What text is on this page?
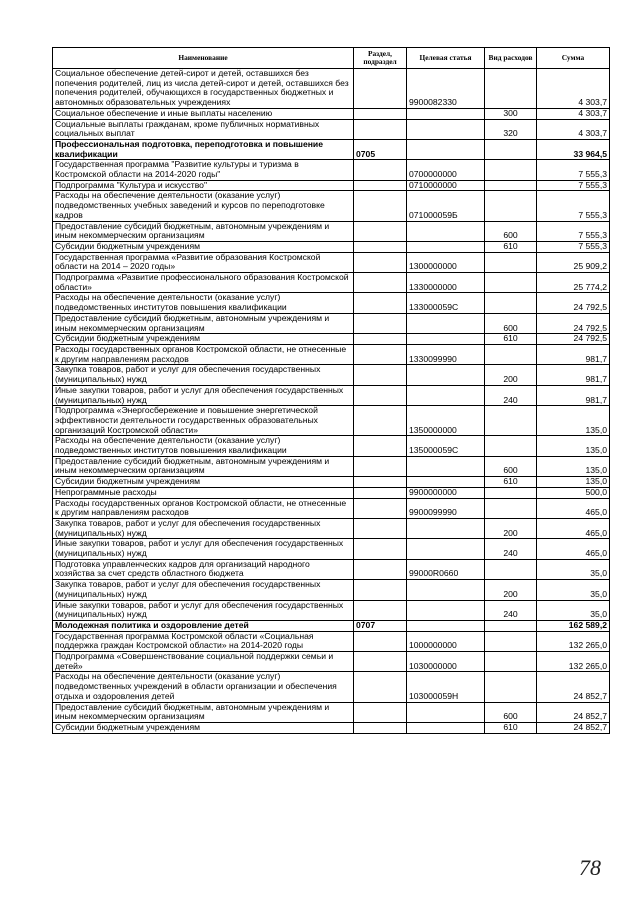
Наименование	Раздел, подраздел	Целевая статья	Вид расходов	Сумма
Социальное обеспечение детей-сирот и детей, оставшихся без попечения родителей, лиц из числа детей-сирот и детей, оставшихся без попечения родителей, обучающихся в государственных бюджетных и автономных образовательных учреждениях		9900082330		4 303,7
Социальное обеспечение и иные выплаты населению			300	4 303,7
Социальные выплаты гражданам, кроме публичных нормативных социальных выплат			320	4 303,7
Профессиональная подготовка, переподготовка и повышение квалификации	0705			33 964,5
Государственная программа "Развитие культуры и туризма в Костромской области на 2014-2020 годы"		0700000000		7 555,3
Подпрограмма "Культура и искусство"		0710000000		7 555,3
Расходы на обеспечение деятельности (оказание услуг) подведомственных учебных заведений и курсов по переподготовке кадров		071000059Б		7 555,3
Предоставление субсидий бюджетным, автономным учреждениям и иным некоммерческим организациям			600	7 555,3
Субсидии бюджетным учреждениям			610	7 555,3
Государственная программа «Развитие образования Костромской области на 2014 – 2020 годы»		1300000000		25 909,2
Подпрограмма «Развитие профессионального образования Костромской области»		1330000000		25 774,2
Расходы на обеспечение деятельности (оказание услуг) подведомственных институтов повышения квалификации		133000059С		24 792,5
Предоставление субсидий бюджетным, автономным учреждениям и иным некоммерческим организациям			600	24 792,5
Субсидии бюджетным учреждениям			610	24 792,5
Расходы государственных органов Костромской области, не отнесенные к другим направлениям расходов		1330099990		981,7
Закупка товаров, работ и услуг для обеспечения государственных (муниципальных) нужд			200	981,7
Иные закупки товаров, работ и услуг для обеспечения государственных (муниципальных) нужд			240	981,7
Подпрограмма «Энергосбережение и повышение энергетической эффективности деятельности государственных образовательных организаций Костромской области»		1350000000		135,0
Расходы на обеспечение деятельности (оказание услуг) подведомственных институтов повышения квалификации		135000059С		135,0
Предоставление субсидий бюджетным, автономным учреждениям и иным некоммерческим организациям			600	135,0
Субсидии бюджетным учреждениям			610	135,0
Непрограммные расходы		9900000000		500,0
Расходы государственных органов Костромской области, не отнесенные к другим направлениям расходов		9900099990		465,0
Закупка товаров, работ и услуг для обеспечения государственных (муниципальных) нужд			200	465,0
Иные закупки товаров, работ и услуг для обеспечения государственных (муниципальных) нужд			240	465,0
Подготовка управленческих кадров для организаций народного хозяйства за счет средств областного бюджета		99000R0660		35,0
Закупка товаров, работ и услуг для обеспечения государственных (муниципальных) нужд			200	35,0
Иные закупки товаров, работ и услуг для обеспечения государственных (муниципальных) нужд			240	35,0
Молодежная политика и оздоровление детей	0707			162 589,2
Государственная программа Костромской области «Социальная поддержка граждан Костромской области» на 2014-2020 годы		1000000000		132 265,0
Подпрограмма «Совершенствование социальной поддержки семьи и детей»		1030000000		132 265,0
Расходы на обеспечение деятельности (оказание услуг) подведомственных учреждений в области организации и обеспечения отдыха и оздоровления детей		103000059Н		24 852,7
Предоставление субсидий бюджетным, автономным учреждениям и иным некоммерческим организациям			600	24 852,7
Субсидии бюджетным учреждениям			610	24 852,7
78
